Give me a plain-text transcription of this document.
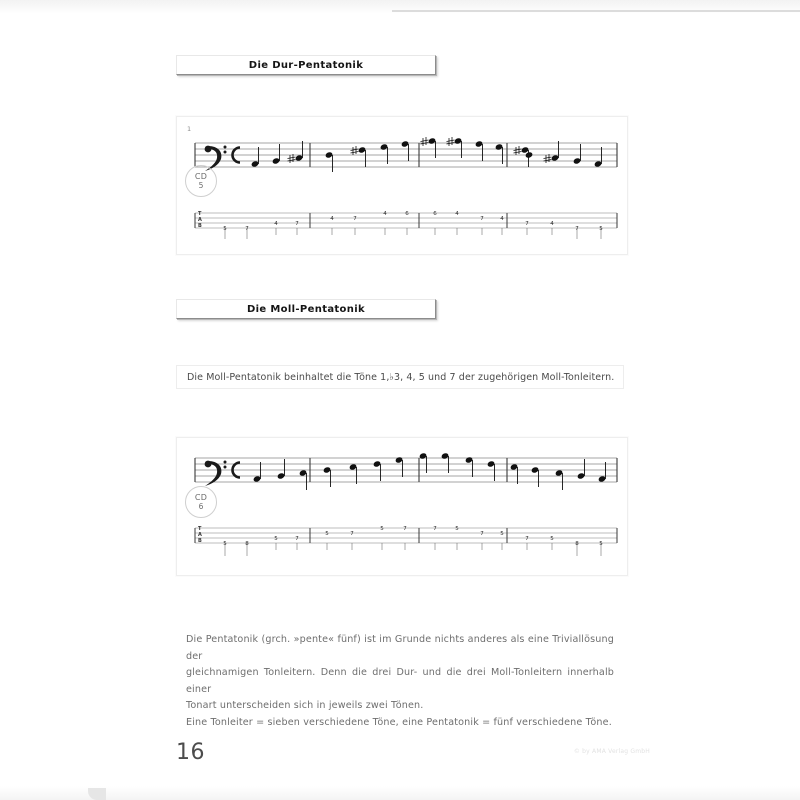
Die Dur-Pentatonik
1
T
A
B	5	7
4	7
4	7
4	6	6	4
7	4
7	4
7	5
CD
5
Die Moll-Pentatonik
Die Moll-Pentatonik beinhaltet die Töne 1,♭3, 4, 5 und 7 der zugehörigen Moll-Tonleitern.
T
A
B	5	8
5	7
5	7
5	7	7	5
7	5
7	5
8	5
CD
6
Die Pentatonik (grch. »pente« fünf) ist im Grunde nichts anderes als eine Triviallösung der
gleichnamigen Tonleitern. Denn die drei Dur- und die drei Moll-Tonleitern innerhalb einer
Tonart unterscheiden sich in jeweils zwei Tönen.
Eine Tonleiter = sieben verschiedene Töne, eine Pentatonik = fünf verschiedene Töne.
16	© by AMA Verlag GmbH
